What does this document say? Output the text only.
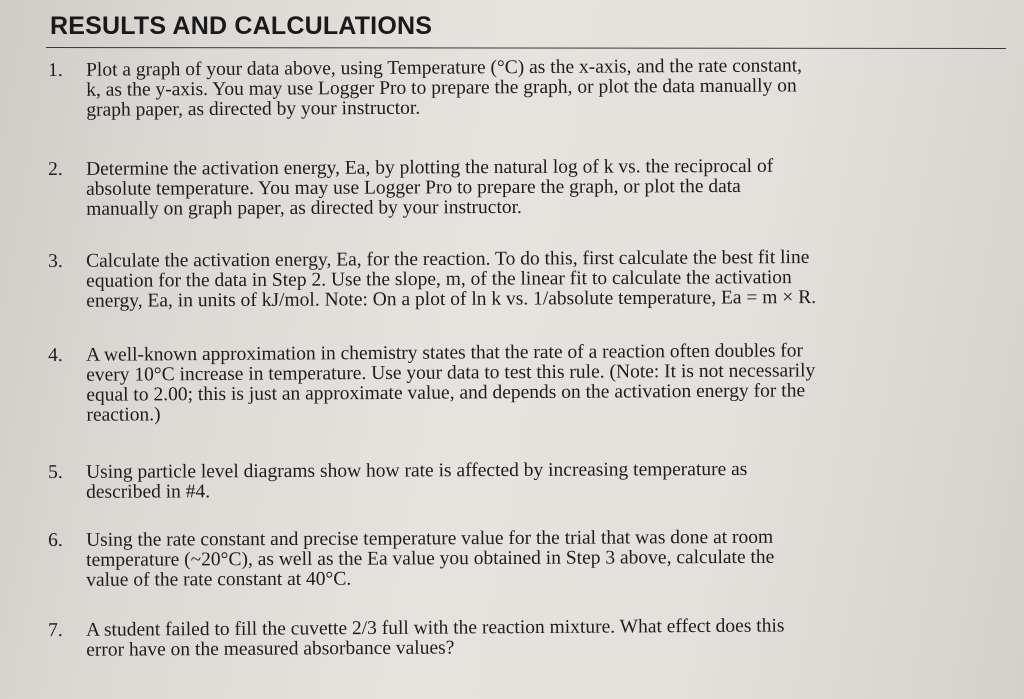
RESULTS AND CALCULATIONS
1. Plot a graph of your data above, using Temperature (°C) as the x-axis, and the rate constant,
k, as the y-axis. You may use Logger Pro to prepare the graph, or plot the data manually on
graph paper, as directed by your instructor.
2. Determine the activation energy, Ea, by plotting the natural log of k vs. the reciprocal of
absolute temperature. You may use Logger Pro to prepare the graph, or plot the data
manually on graph paper, as directed by your instructor.
3. Calculate the activation energy, Ea, for the reaction. To do this, first calculate the best fit line
equation for the data in Step 2. Use the slope, m, of the linear fit to calculate the activation
energy, Ea, in units of kJ/mol. Note: On a plot of ln k vs. 1/absolute temperature, Ea = m × R.
4. A well-known approximation in chemistry states that the rate of a reaction often doubles for
every 10°C increase in temperature. Use your data to test this rule. (Note: It is not necessarily
equal to 2.00; this is just an approximate value, and depends on the activation energy for the
reaction.)
5. Using particle level diagrams show how rate is affected by increasing temperature as
described in #4.
6. Using the rate constant and precise temperature value for the trial that was done at room
temperature (~20°C), as well as the Ea value you obtained in Step 3 above, calculate the
value of the rate constant at 40°C.
7. A student failed to fill the cuvette 2/3 full with the reaction mixture. What effect does this
error have on the measured absorbance values?
